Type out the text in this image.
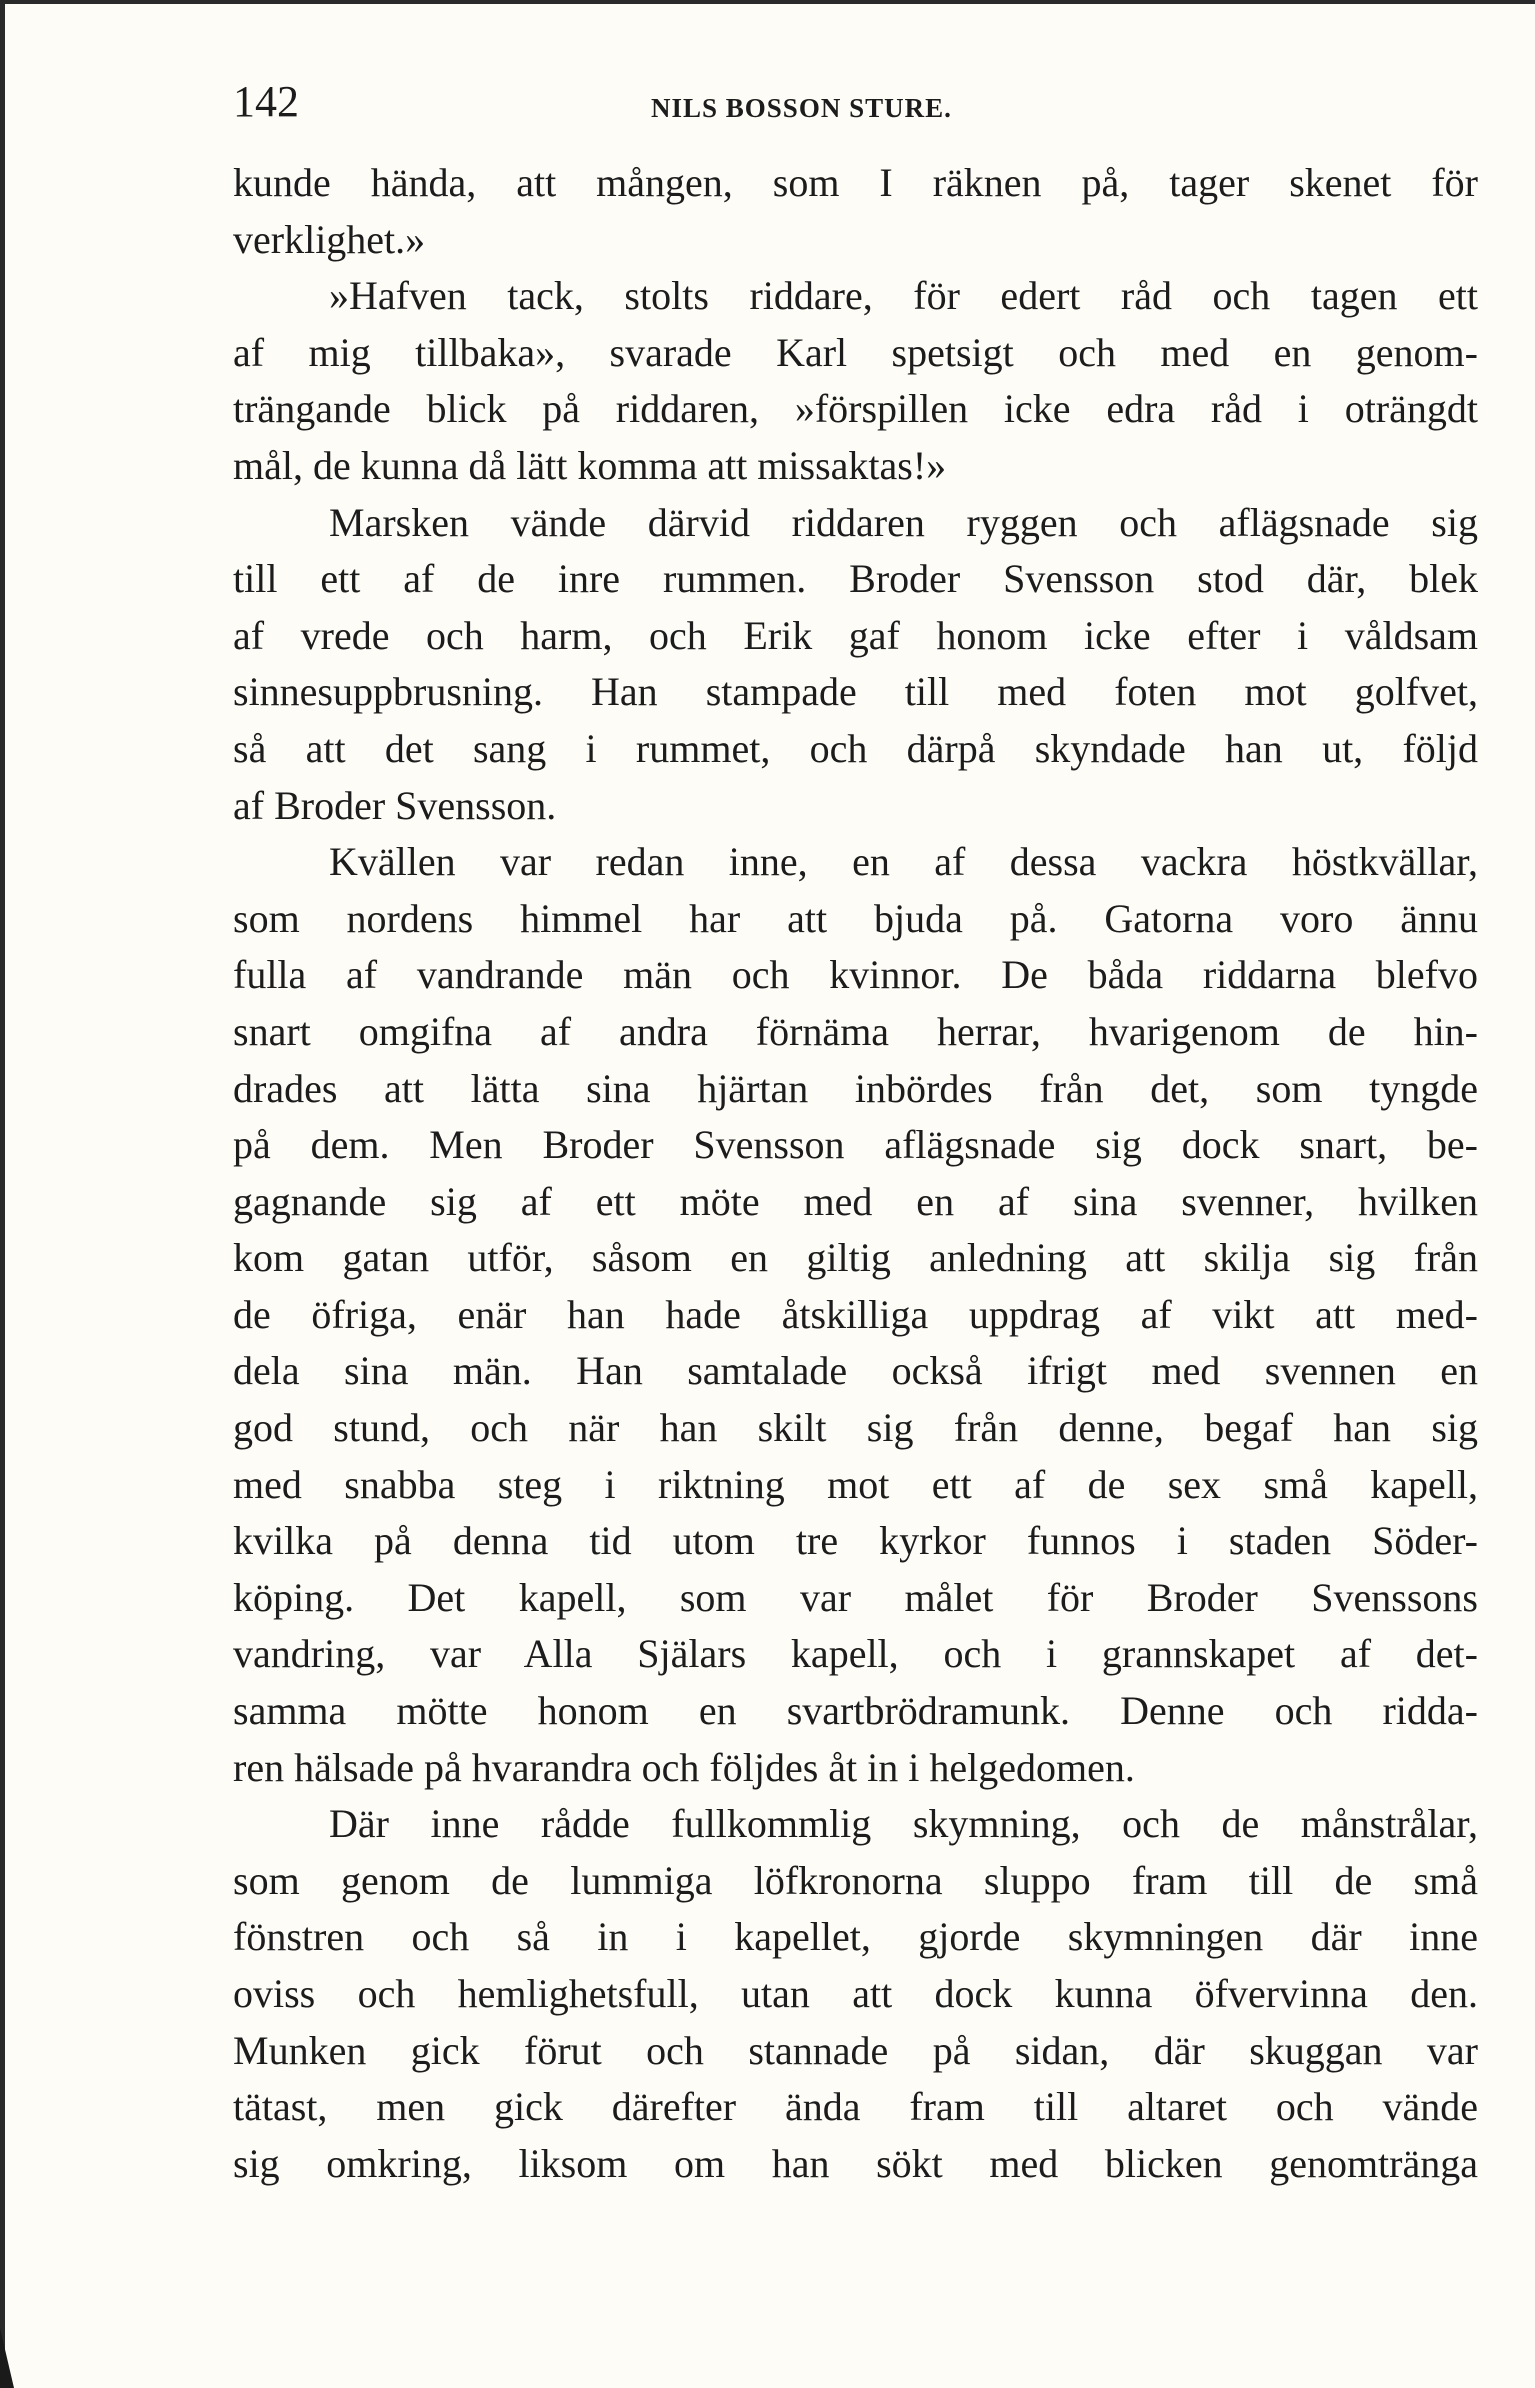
142	NILS BOSSON STURE.
kunde hända, att mången, som I räknen på, tager skenet för
verklighet.»
»Hafven tack, stolts riddare, för edert råd och tagen ett
af mig tillbaka», svarade Karl spetsigt och med en genom-
trängande blick på riddaren, »förspillen icke edra råd i oträngdt
mål, de kunna då lätt komma att missaktas!»
Marsken vände därvid riddaren ryggen och aflägsnade sig
till ett af de inre rummen. Broder Svensson stod där, blek
af vrede och harm, och Erik gaf honom icke efter i våldsam
sinnesuppbrusning. Han stampade till med foten mot golfvet,
så att det sang i rummet, och därpå skyndade han ut, följd
af Broder Svensson.
Kvällen var redan inne, en af dessa vackra höstkvällar,
som nordens himmel har att bjuda på. Gatorna voro ännu
fulla af vandrande män och kvinnor. De båda riddarna blefvo
snart omgifna af andra förnäma herrar, hvarigenom de hin-
drades att lätta sina hjärtan inbördes från det, som tyngde
på dem. Men Broder Svensson aflägsnade sig dock snart, be-
gagnande sig af ett möte med en af sina svenner, hvilken
kom gatan utför, såsom en giltig anledning att skilja sig från
de öfriga, enär han hade åtskilliga uppdrag af vikt att med-
dela sina män. Han samtalade också ifrigt med svennen en
god stund, och när han skilt sig från denne, begaf han sig
med snabba steg i riktning mot ett af de sex små kapell,
kvilka på denna tid utom tre kyrkor funnos i staden Söder-
köping. Det kapell, som var målet för Broder Svenssons
vandring, var Alla Själars kapell, och i grannskapet af det-
samma mötte honom en svartbrödramunk. Denne och ridda-
ren hälsade på hvarandra och följdes åt in i helgedomen.
Där inne rådde fullkommlig skymning, och de månstrålar,
som genom de lummiga löfkronorna sluppo fram till de små
fönstren och så in i kapellet, gjorde skymningen där inne
oviss och hemlighetsfull, utan att dock kunna öfvervinna den.
Munken gick förut och stannade på sidan, där skuggan var
tätast, men gick därefter ända fram till altaret och vände
sig omkring, liksom om han sökt med blicken genomtränga
